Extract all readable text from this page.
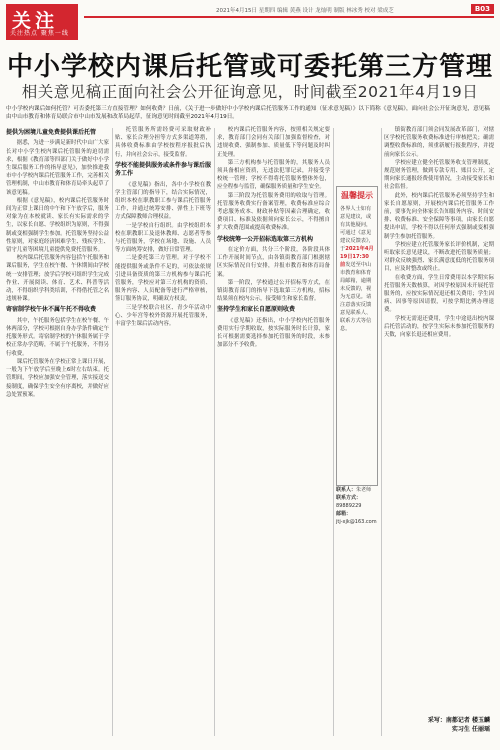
关注
关注热点 聚焦一线
2021年4月15日 星期四 编辑 黄燕 设计 龙灿明 制版 林冰秀 校对 梁成芝	B03
中小学校内课后托管或可委托第三方管理
相关意见稿正面向社会公开征询意见，时间截至2021年4月19日
中小学校内课后如何托管？可否委托第三方直接管理？如何收费？日前，《关于进一步做好中小学校内课后托管服务工作的通知（征求意见稿）》以下简称《意见稿》，面向社会公开征询意见，意见稿由中山市教育和体育局联合市中山市发展和改革局起草，征询意见时间截至2021年4月19日。
提供为困境儿童免费提供课后托管

据悉，为进一步满足新时代中山广大家长对中小学生校内课后托管服务的迫切需求，根据《教育部等四部门关于做好中小学生课后服务工作的指导意见》，加快推进我市中小学校内课后托管服务工作，完善相关管理机制，中山市教育和体育局牵头起草了该意见稿。

根据《意见稿》，校内课后托管服务时间为正常上课日的中午和下午放学后，服务对象为在本校就读、家长有实际需求的学生，以家长自愿、学校组织为原则，不得强制或变相强制学生参加。托管服务坚持公益性原则，对家庭经济困难学生、残疾学生、留守儿童等困境儿童提供免费托管服务。

校内课后托管服务内容包括午托服务和课后服务，学生在校午餐、午休期间由学校统一安排管理；放学后学校可组织学生完成作业、开展阅读、体育、艺术、科普等活动，不得组织学科类培训，不得借托管之名违规补课。

寄宿制学校午休不属午托不得收费

其中，午托服务包括学生在校午餐、午休两部分，学校可根据自身办学条件确定午托服务形式。寄宿制学校的午休服务属于学校正常办学范畴，不属于午托服务，不得另行收费。

课后托管服务在学校正常上课日开展，一般为下午放学后至晚上6时左右结束。托管期间，学校应加强安全管理，落实接送交接制度，确保学生安全有序离校，并做好应急处置预案。

托管服务所需经费可采取财政补贴、家长合理分担等方式多渠道筹措，具体收费标准由学校按程序报批后执行，并向社会公示，接受监督。

学校不能提供服务或条件参与课后服务工作

《意见稿》指出，各中小学校在教学主管部门的指导下，结合实际情况，组织本校在职教职工参与课后托管服务工作，并通过统筹安排、弹性上下班等方式保障教师合理权益。

一是学校自行组织。由学校组织本校在职教职工及退休教师、志愿者等参与托管服务，学校在场地、设施、人员等方面统筹安排，做好日常管理。

二是委托第三方管理。对于学校不能提供服务或条件不足的，可依法依规引进具备资质的第三方机构参与课后托管服务，学校应对第三方机构的资质、服务内容、人员配备等进行严格审核，签订服务协议，明确双方权责。

三是学校联合社区、青少年活动中心、少年宫等校外资源开展托管服务，丰富学生课后活动内容。

校内课后托管服务内容，按照相关规定要求，教育部门会同有关部门加强监督检查，对违规收费、强制参加、质量低下等问题及时纠正处理。

第三方机构参与托管服务的，其服务人员须具备相应资质，无违法犯罪记录，并接受学校统一管理；学校不得将托管服务整体外包，应全程参与监管，确保服务质量和学生安全。

第三阶段为托管服务费用的收取与管理。托管服务收费实行备案管理，收费标准应综合考虑服务成本、财政补贴等因素合理确定，收费项目、标准及依据须向家长公示，不得擅自扩大收费范围或提高收费标准。

学校统筹一公开招标选取第三方机构

在定价方面，共分三个阶段，各阶段具体工作开展时间节点，由各镇街教育部门根据辖区实际情况自行安排，并报市教育和体育局备案。

第一阶段，学校通过公开招标等方式，在镇街教育部门的指导下选取第三方机构，招标结果须在校内公示，接受师生和家长监督。

坚持学生和家长自愿原则收费

《意见稿》还指出，中小学校内托管服务费用实行学期收取，按实际服务时长计算，家长可根据需要选择参加托管服务的时段，未参加部分不予收费。

温馨提示
各界人士如有意见建议，或有其他疑问，可通过《意见建议反馈表》，于2021年4月19日17:30前发送至中山市教育和体育局邮箱，逾期未反馈的，视为无意见。请注意落实反馈意见联系人、联系方式等信息。
联系人：朱老师
联系方式：
89889229
邮箱：
jtj-xjk@163.com

镇街教育部门须会同发展改革部门，对辖区学校托管服务收费标准进行审核把关；确需调整收费标准的，须重新履行报批程序，并提前向家长公示。

学校应建立健全托管服务收支管理制度，规范财务管理，做到专款专用、账目公开，定期向家长通报经费使用情况，主动接受家长和社会监督。

此外，校内课后托管服务必须坚持学生和家长自愿原则，开展校内课后托管服务工作前，要事先向全体家长告知服务内容、时间安排、收费标准、安全保障等事项，由家长自愿提出申请，学校不得以任何形式强制或变相强制学生参加托管服务。

学校应建立托管服务家长评价机制，定期听取家长意见建议，不断改进托管服务质量；对群众反映强烈、家长满意度低的托管服务项目，应及时整改或终止。

在收费方面，学生日常费用以本学期实际托管服务天数核算，对因学校原因未开展托管服务的，应按实际情况退还相关费用；学生因病、因事等原因请假，可按学期比例办理退费。

学校无需退还费用，学生中途退出校内课后托管活动的，按学生实际未参加托管服务的天数，向家长退还相应费用。

采写：南都记者 楼玉麟
实习生 任丽瑶
